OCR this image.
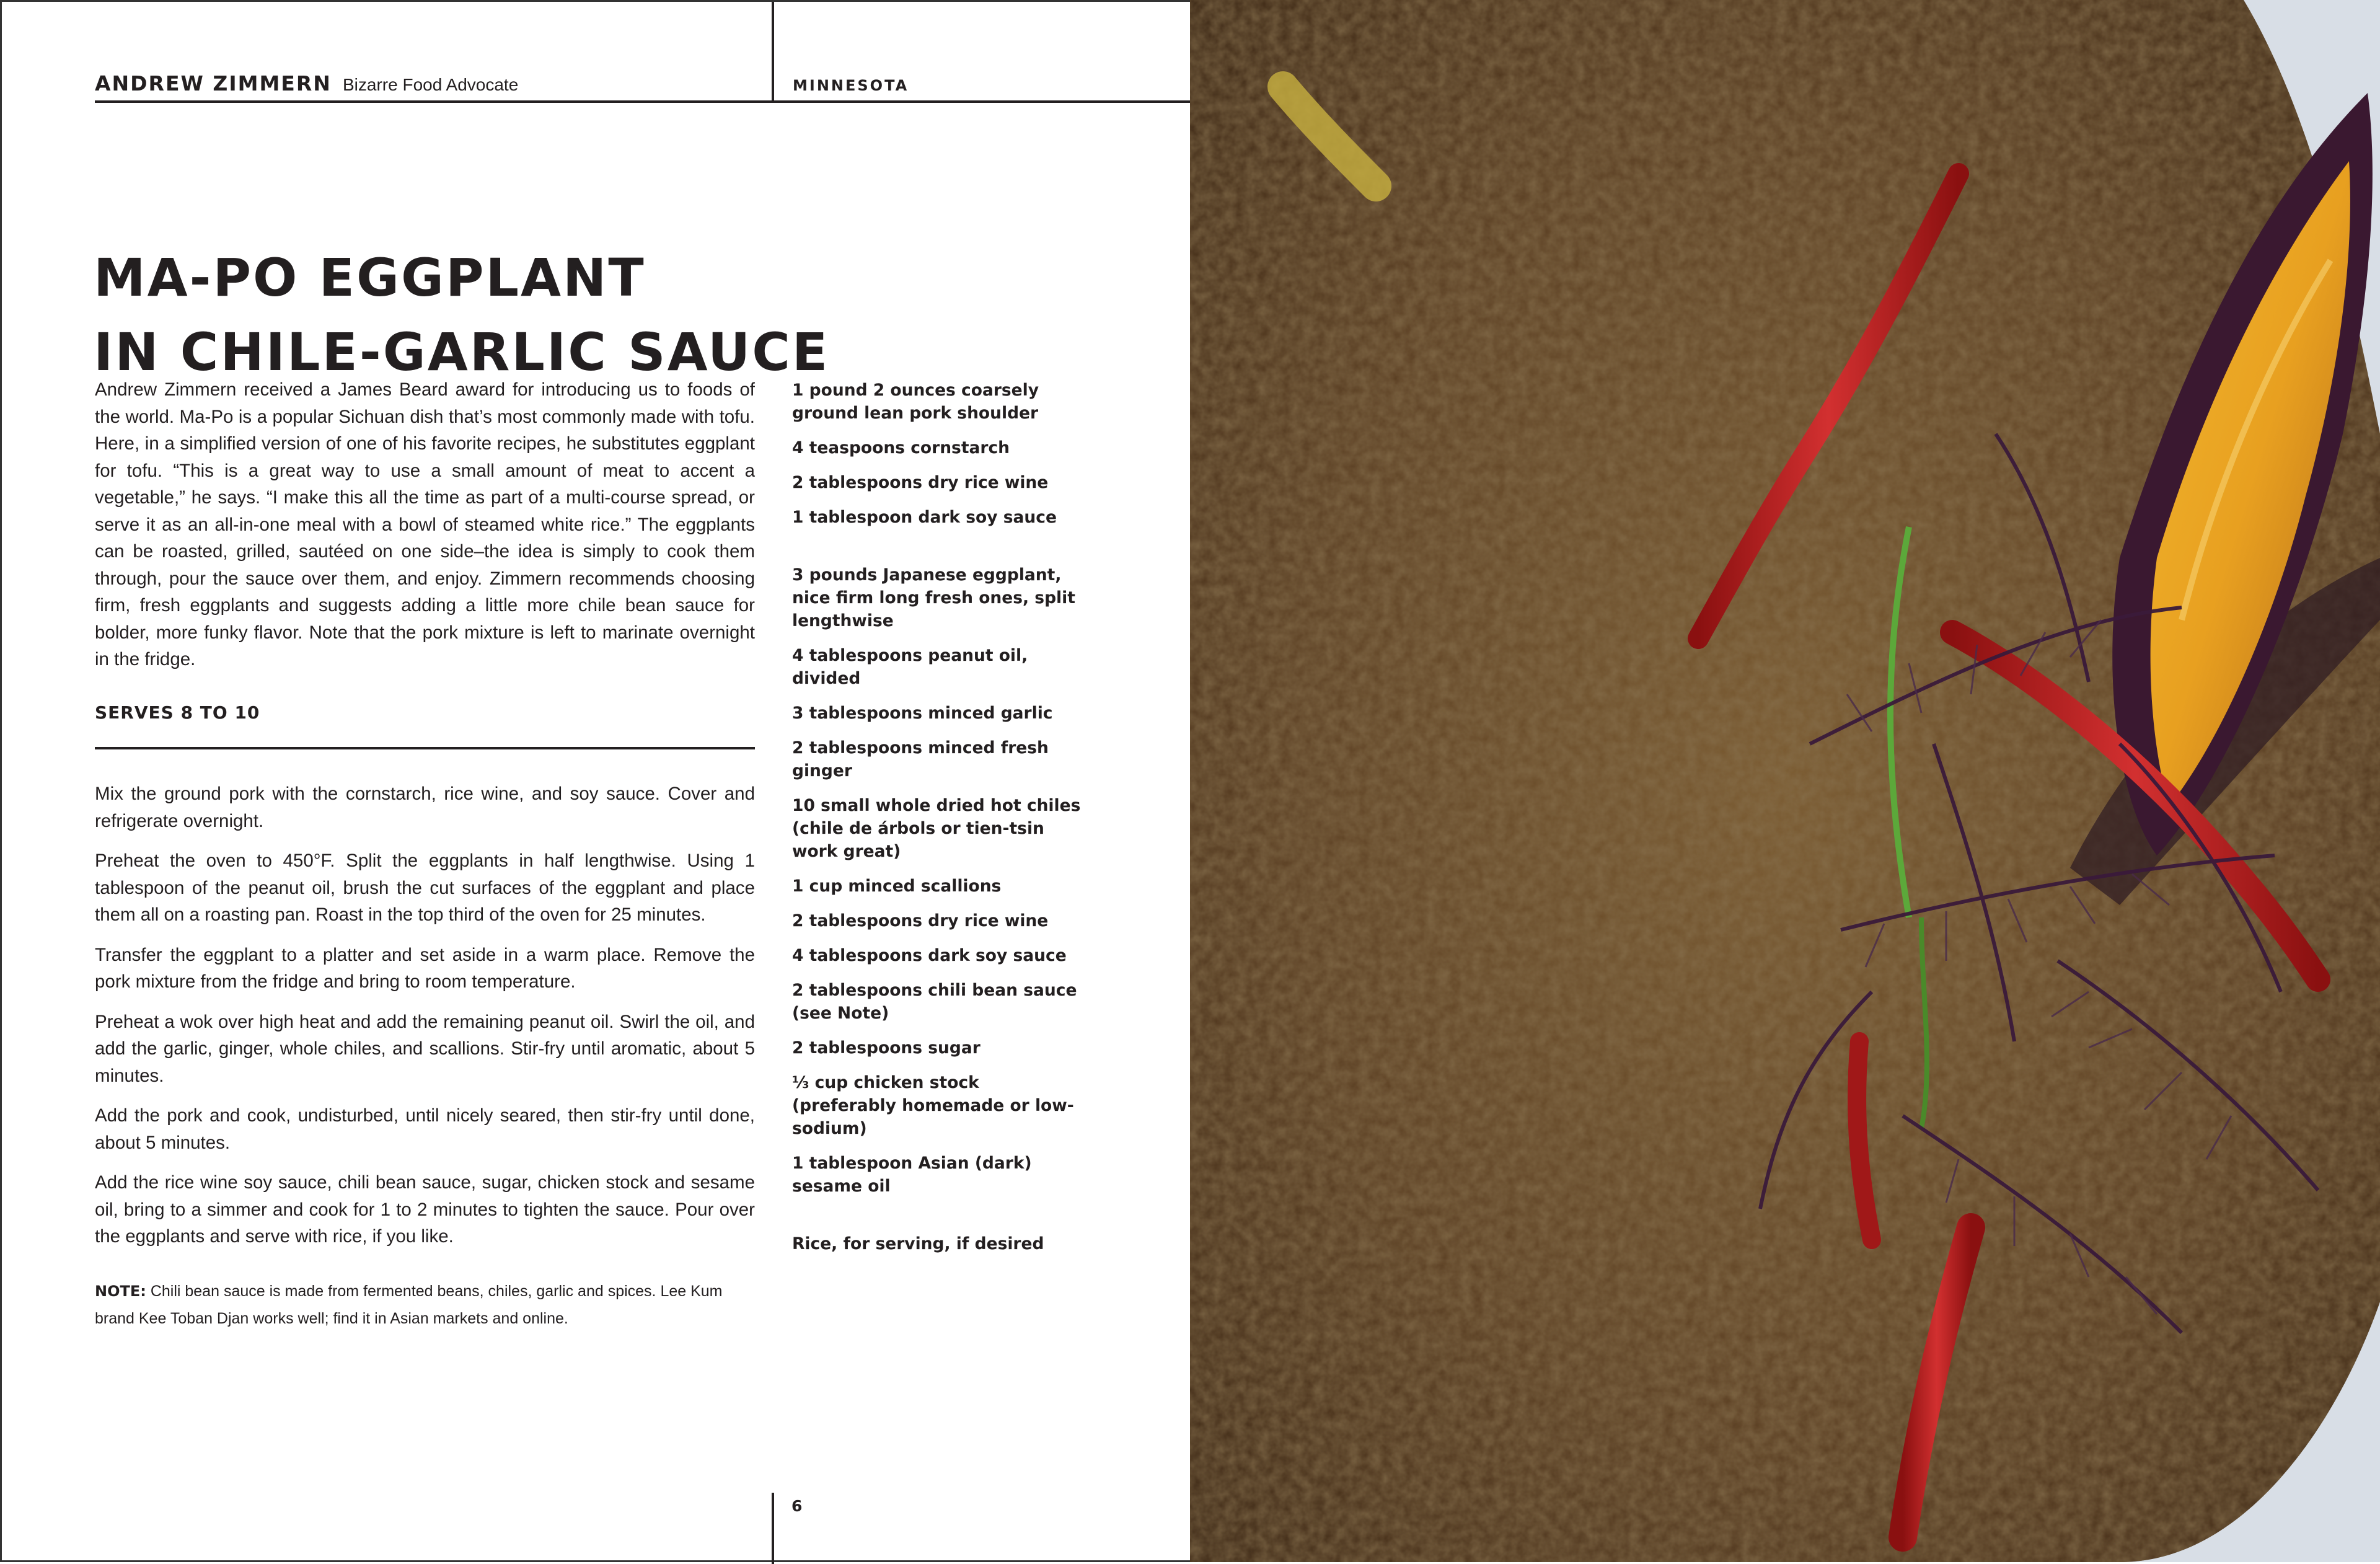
ANDREW ZIMMERN Bizarre Food Advocate	MINNESOTA
MA-PO EGGPLANT
IN CHILE-GARLIC SAUCE

Andrew Zimmern received a James Beard award for introducing us to foods of the world. Ma-Po is a popular Sichuan dish that’s most commonly made with tofu. Here, in a simplified version of one of his favorite recipes, he substitutes eggplant for tofu. “This is a great way to use a small amount of meat to accent a vegetable,” he says. “I make this all the time as part of a multi-course spread, or serve it as an all-in-one meal with a bowl of steamed white rice.” The eggplants can be roasted, grilled, sautéed on one side–the idea is simply to cook them through, pour the sauce over them, and enjoy. Zimmern recommends choosing firm, fresh eggplants and suggests adding a little more chile bean sauce for bolder, more funky flavor. Note that the pork mixture is left to marinate overnight in the fridge.

SERVES 8 TO 10

Mix the ground pork with the cornstarch, rice wine, and soy sauce. Cover and refrigerate overnight.

Preheat the oven to 450°F. Split the eggplants in half lengthwise. Using 1 tablespoon of the peanut oil, brush the cut surfaces of the eggplant and place them all on a roasting pan. Roast in the top third of the oven for 25 minutes.

Transfer the eggplant to a platter and set aside in a warm place. Remove the pork mixture from the fridge and bring to room temperature.

Preheat a wok over high heat and add the remaining peanut oil. Swirl the oil, and add the garlic, ginger, whole chiles, and scallions. Stir-fry until aromatic, about 5 minutes.

Add the pork and cook, undisturbed, until nicely seared, then stir-fry until done, about 5 minutes.

Add the rice wine soy sauce, chili bean sauce, sugar, chicken stock and sesame oil, bring to a simmer and cook for 1 to 2 minutes to tighten the sauce. Pour over the eggplants and serve with rice, if you like.

NOTE: Chili bean sauce is made from fermented beans, chiles, garlic and spices. Lee Kum brand Kee Toban Djan works well; find it in Asian markets and online.

1 pound 2 ounces coarsely ground lean pork shoulder

4 teaspoons cornstarch

2 tablespoons dry rice wine

1 tablespoon dark soy sauce

3 pounds Japanese eggplant, nice firm long fresh ones, split lengthwise

4 tablespoons peanut oil, divided

3 tablespoons minced garlic

2 tablespoons minced fresh ginger

10 small whole dried hot chiles (chile de árbols or tien-tsin work great)

1 cup minced scallions

2 tablespoons dry rice wine

4 tablespoons dark soy sauce

2 tablespoons chili bean sauce (see Note)

2 tablespoons sugar

⅓ cup chicken stock (preferably homemade or low-sodium)

1 tablespoon Asian (dark) sesame oil

Rice, for serving, if desired

6
